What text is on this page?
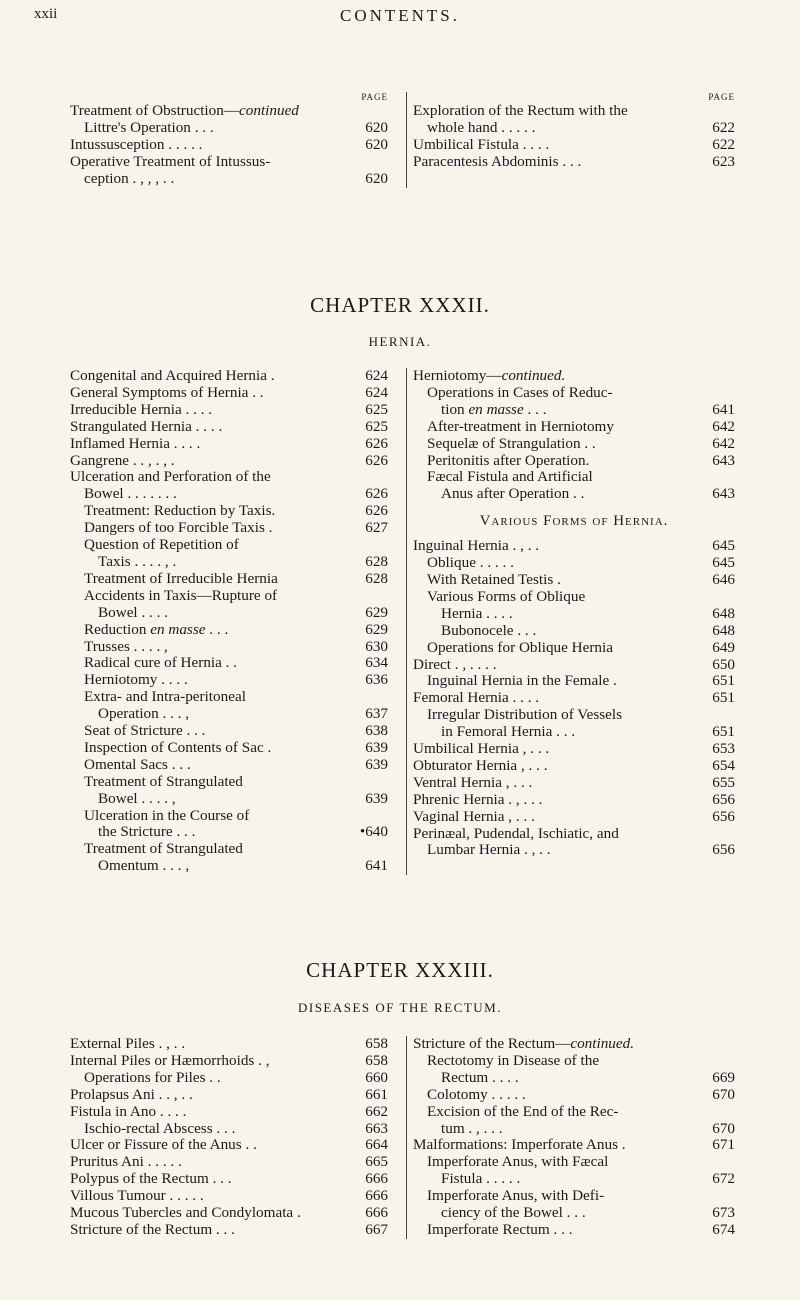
xxii	CONTENTS.
PAGE
Treatment of Obstruction—continued
Littre's Operation . . .	620
Intussusception . . . . .	620
Operative Treatment of Intussus-
ception . , , , . .	620
PAGE
Exploration of the Rectum with the
whole hand . . . . .	622
Umbilical Fistula . . . .	622
Paracentesis Abdominis . . .	623
CHAPTER XXXII.
HERNIA.
Congenital and Acquired Hernia .	624
General Symptoms of Hernia . .	624
Irreducible Hernia . . . .	625
Strangulated Hernia . . . .	625
Inflamed Hernia . . . .	626
Gangrene . . , . , .	626
Ulceration and Perforation of the
Bowel . . . . . . .	626
Treatment: Reduction by Taxis.	626
Dangers of too Forcible Taxis .	627
Question of Repetition of
Taxis . . . . , .	628
Treatment of Irreducible Hernia	628
Accidents in Taxis—Rupture of
Bowel . . . .	629
Reduction en masse . . .	629
Trusses . . . . ,	630
Radical cure of Hernia . .	634
Herniotomy . . . .	636
Extra- and Intra-peritoneal
Operation . . . ,	637
Seat of Stricture . . .	638
Inspection of Contents of Sac .	639
Omental Sacs . . .	639
Treatment of Strangulated
Bowel . . . . ,	639
Ulceration in the Course of
the Stricture . . .	•640
Treatment of Strangulated
Omentum . . . ,	641
Herniotomy—continued.
Operations in Cases of Reduc-
tion en masse . . .	641
After-treatment in Herniotomy	642
Sequelæ of Strangulation . .	642
Peritonitis after Operation.	643
Fæcal Fistula and Artificial
Anus after Operation . .	643
Various Forms of Hernia.
Inguinal Hernia . , . .	645
Oblique . . . . .	645
With Retained Testis .	646
Various Forms of Oblique
Hernia . . . .	648
Bubonocele . . .	648
Operations for Oblique Hernia	649
Direct . , . . . .	650
Inguinal Hernia in the Female .	651
Femoral Hernia . . . .	651
Irregular Distribution of Vessels
in Femoral Hernia . . .	651
Umbilical Hernia , . . .	653
Obturator Hernia , . . .	654
Ventral Hernia , . . .	655
Phrenic Hernia . , . . .	656
Vaginal Hernia , . . .	656
Perinæal, Pudendal, Ischiatic, and
Lumbar Hernia . , . .	656
CHAPTER XXXIII.
DISEASES OF THE RECTUM.
External Piles . , . .	658
Internal Piles or Hæmorrhoids . ,	658
Operations for Piles . .	660
Prolapsus Ani . . , . .	661
Fistula in Ano . . . .	662
Ischio-rectal Abscess . . .	663
Ulcer or Fissure of the Anus . .	664
Pruritus Ani . . . . .	665
Polypus of the Rectum . . .	666
Villous Tumour . . . . .	666
Mucous Tubercles and Condylomata .	666
Stricture of the Rectum . . .	667
Stricture of the Rectum—continued.
Rectotomy in Disease of the
Rectum . . . .	669
Colotomy . . . . .	670
Excision of the End of the Rec-
tum . , . . .	670
Malformations: Imperforate Anus .	671
Imperforate Anus, with Fæcal
Fistula . . . . .	672
Imperforate Anus, with Defi-
ciency of the Bowel . . .	673
Imperforate Rectum . . .	674
